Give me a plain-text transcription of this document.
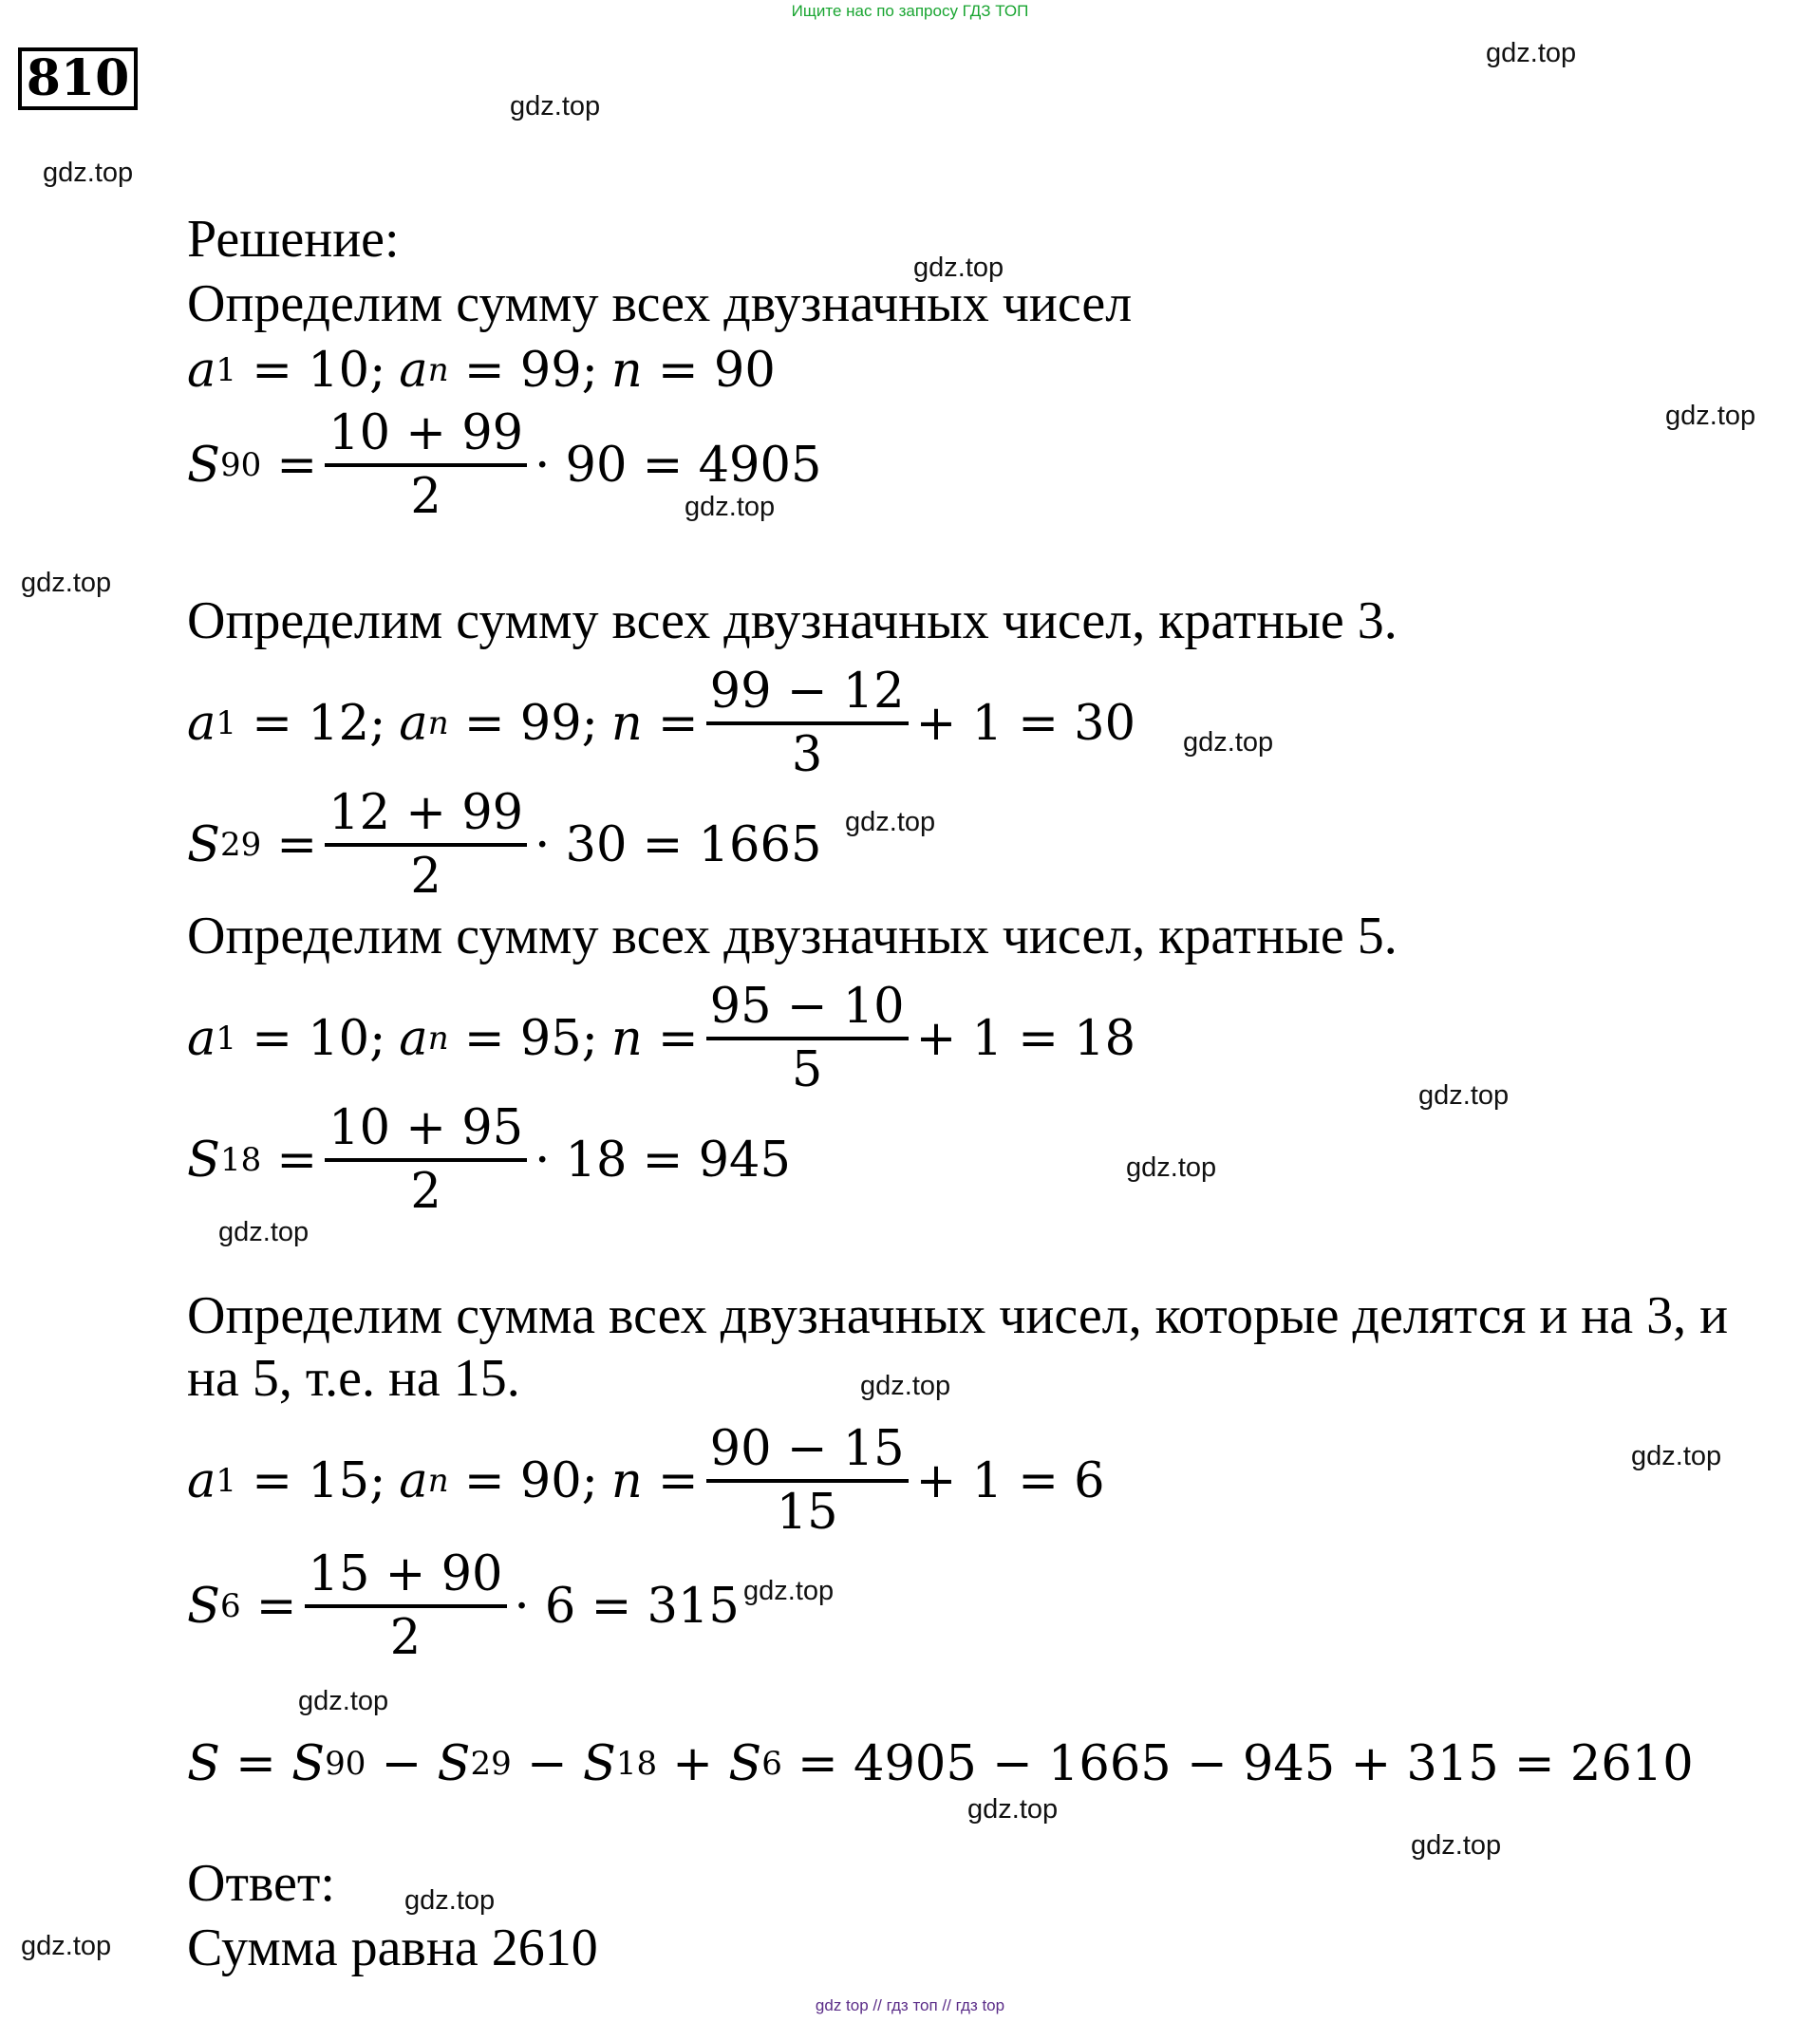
Ищите нас по запросу ГДЗ ТОП
810	gdz.top
gdz.top
gdz.top
gdz.top
gdz.top
gdz.top
gdz.top
gdz.top
gdz.top
gdz.top
gdz.top
gdz.top
gdz.top
gdz.top
gdz.top
gdz.top
gdz.top
gdz.top
gdz.top
gdz.top
Решение:
Определим сумму всех двузначных чисел
a 1 = 10 ; a n = 99 ; n = 90
S $90 = \frac{10 + 99}{2} \cdot 90 = 4905$
Определим сумму всех двузначных чисел, кратные 3.
a 1 = 12 ; a n = 99 ; $n = \frac{99 - 12}{3} + 1 = 30$
S $29 = \frac{12 + 99}{2} \cdot 30 = 1665$
Определим сумму всех двузначных чисел, кратные 5.
a 1 = 10 ; a n = 95 ; $n = \frac{95 - 10}{5} + 1 = 18$
S $18 = \frac{10 + 95}{2} \cdot 18 = 945$
Определим сумма всех двузначных чисел, которые делятся и на 3, и
на 5, т.е. на 15.
a 1 = 15 ; a n = 90 ; $n = \frac{90 - 15}{15} + 1 = 6$
S $6 = \frac{15 + 90}{2} \cdot 6 = 315$
S = S 90 − S 29 − S 18 + S 6
= 4905 − 1665 − 945 + 315 = 2610
Ответ:
Сумма равна 2610
gdz top // гдз топ // гдз top
